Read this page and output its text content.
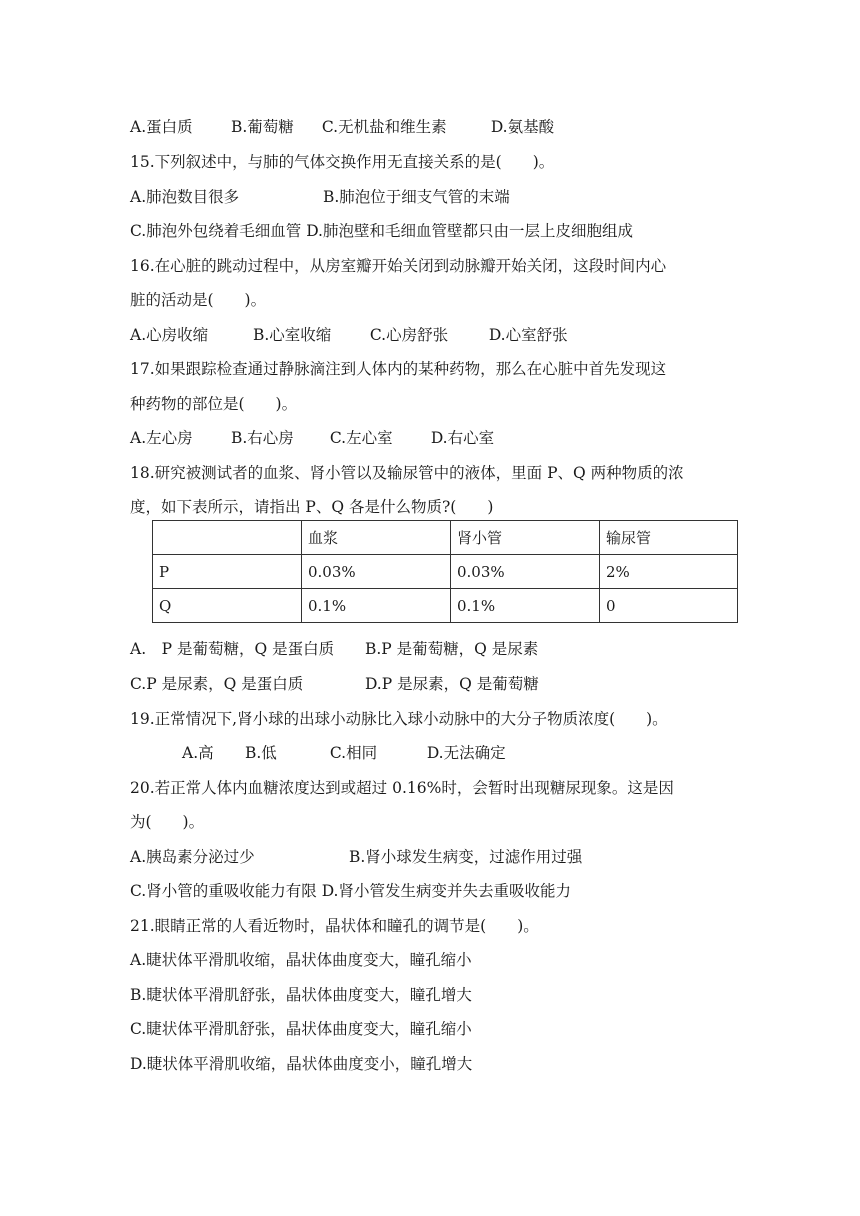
A.蛋白质 B.葡萄糖 C.无机盐和维生素	D.氨基酸
15.下列叙述中，与肺的气体交换作用无直接关系的是(　　)。
A.肺泡数目很多	B.肺泡位于细支气管的末端
C.肺泡外包绕着毛细血管 D.肺泡壁和毛细血管壁都只由一层上皮细胞组成
16.在心脏的跳动过程中，从房室瓣开始关闭到动脉瓣开始关闭，这段时间内心
脏的活动是(　　)。
A.心房收缩	B.心室收缩 C.心房舒张	D.心室舒张
17.如果跟踪检查通过静脉滴注到人体内的某种药物，那么在心脏中首先发现这
种药物的部位是(　　)。
A.左心房 B.右心房 C.左心室 D.右心室
18.研究被测试者的血浆、肾小管以及输尿管中的液体，里面 P、Q 两种物质的浓
度，如下表所示，请指出 P、Q 各是什么物质?(　　)
	血浆	肾小管	输尿管
P	0.03%	0.03%	2%
Q	0.1%	0.1%	0
A.　P 是葡萄糖，Q 是蛋白质 B.P 是葡萄糖，Q 是尿素
C.P 是尿素，Q 是蛋白质	D.P 是尿素，Q 是葡萄糖
19.正常情况下,肾小球的出球小动脉比入球小动脉中的大分子物质浓度(　　)。
A.高 B.低	C.相同	D.无法确定
20.若正常人体内血糖浓度达到或超过 0.16%时，会暂时出现糖尿现象。这是因
为(　　)。
A.胰岛素分泌过少	B.肾小球发生病变，过滤作用过强
C.肾小管的重吸收能力有限 D.肾小管发生病变并失去重吸收能力
21.眼睛正常的人看近物时，晶状体和瞳孔的调节是(　　)。
A.睫状体平滑肌收缩，晶状体曲度变大，瞳孔缩小
B.睫状体平滑肌舒张，晶状体曲度变大，瞳孔增大
C.睫状体平滑肌舒张，晶状体曲度变大，瞳孔缩小
D.睫状体平滑肌收缩，晶状体曲度变小，瞳孔增大
